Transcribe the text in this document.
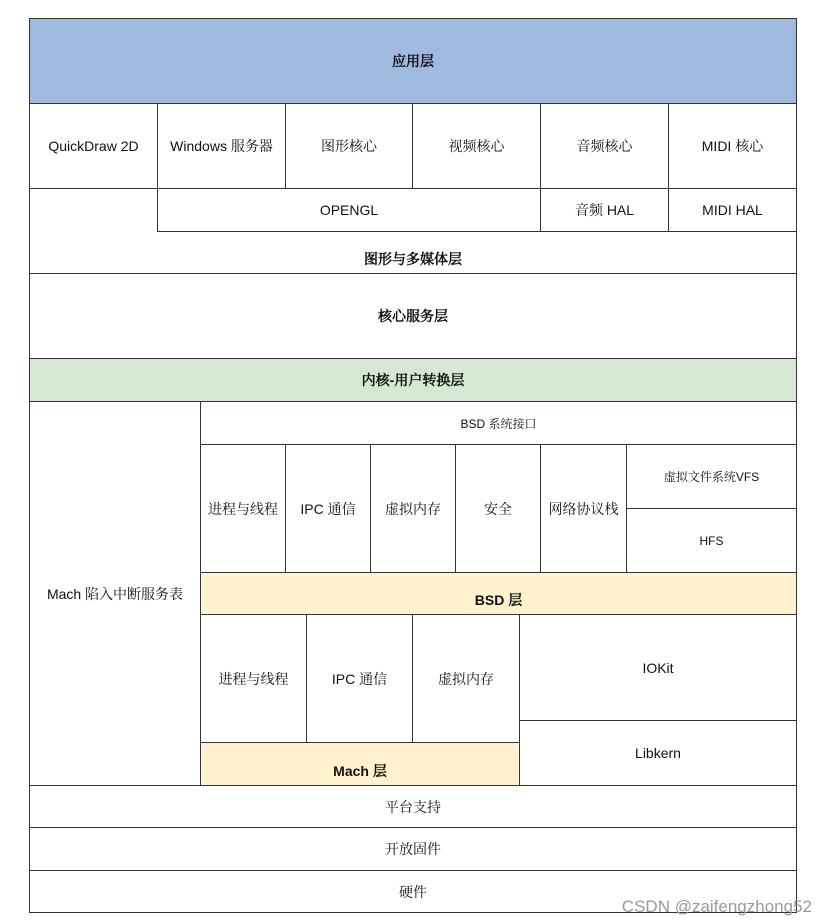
应用层
图形与多媒体层
QuickDraw 2D	Windows 服务器	图形核心	视频核心	音频核心	MIDI 核心
OPENGL	音频 HAL	MIDI HAL
核心服务层
内核-用户转换层
Mach 陷入中断服务表
BSD 系统接口
进程与线程	IPC 通信	虚拟内存	安全	网络协议栈
虚拟文件系统VFS
HFS
BSD 层
进程与线程	IPC 通信	虚拟内存
IOKit
Libkern
Mach 层
平台支持
开放固件
硬件
CSDN @zaifengzhong52
